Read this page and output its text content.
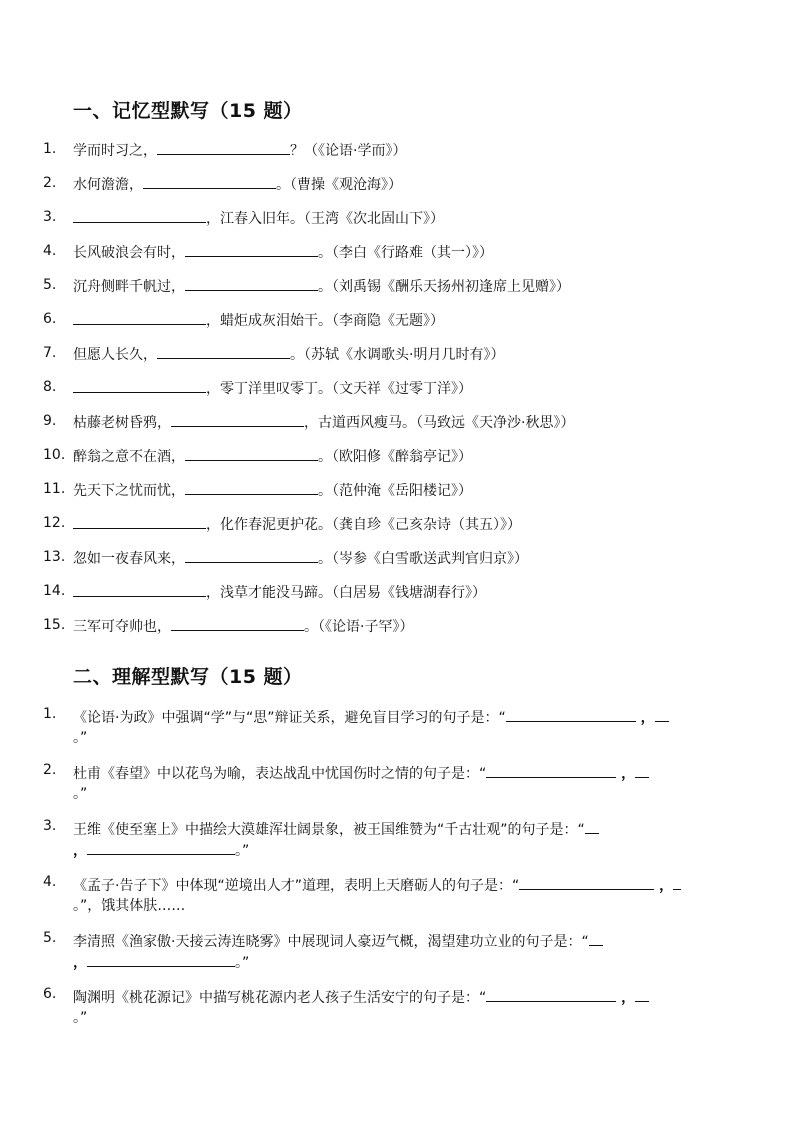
一、记忆型默写（15 题）
1. 学而时习之，	？（《论语·学而》）
2. 水何澹澹，	。（曹操《观沧海》）
3.	，江春入旧年。（王湾《次北固山下》）
4. 长风破浪会有时，	。（李白《行路难（其一）》）
5. 沉舟侧畔千帆过，	。（刘禹锡《酬乐天扬州初逢席上见赠》）
6.	，蜡炬成灰泪始干。（李商隐《无题》）
7. 但愿人长久，	。（苏轼《水调歌头·明月几时有》）
8.	，零丁洋里叹零丁。（文天祥《过零丁洋》）
9. 枯藤老树昏鸦，	，古道西风瘦马。（马致远《天净沙·秋思》）
10. 醉翁之意不在酒，	。（欧阳修《醉翁亭记》）
11. 先天下之忧而忧，	。（范仲淹《岳阳楼记》）
12.	，化作春泥更护花。（龚自珍《己亥杂诗（其五）》）
13. 忽如一夜春风来，	。（岑参《白雪歌送武判官归京》）
14.	，浅草才能没马蹄。（白居易《钱塘湖春行》）
15. 三军可夺帅也，	。（《论语·子罕》）
二、理解型默写（15 题）
1. 《论语·为政》中强调“学”与“思”辩证关系，避免盲目学习的句子是：“	，
。”
2. 杜甫《春望》中以花鸟为喻，表达战乱中忧国伤时之情的句子是：“	，
。”
3. 王维《使至塞上》中描绘大漠雄浑壮阔景象，被王国维赞为“千古壮观”的句子是：“
，	。”
4. 《孟子·告子下》中体现“逆境出人才”道理，表明上天磨砺人的句子是：“	，
。”，饿其体肤……
5. 李清照《渔家傲·天接云涛连晓雾》中展现词人豪迈气概，渴望建功立业的句子是：“
，	。”
6. 陶渊明《桃花源记》中描写桃花源内老人孩子生活安宁的句子是：“	，
。”
